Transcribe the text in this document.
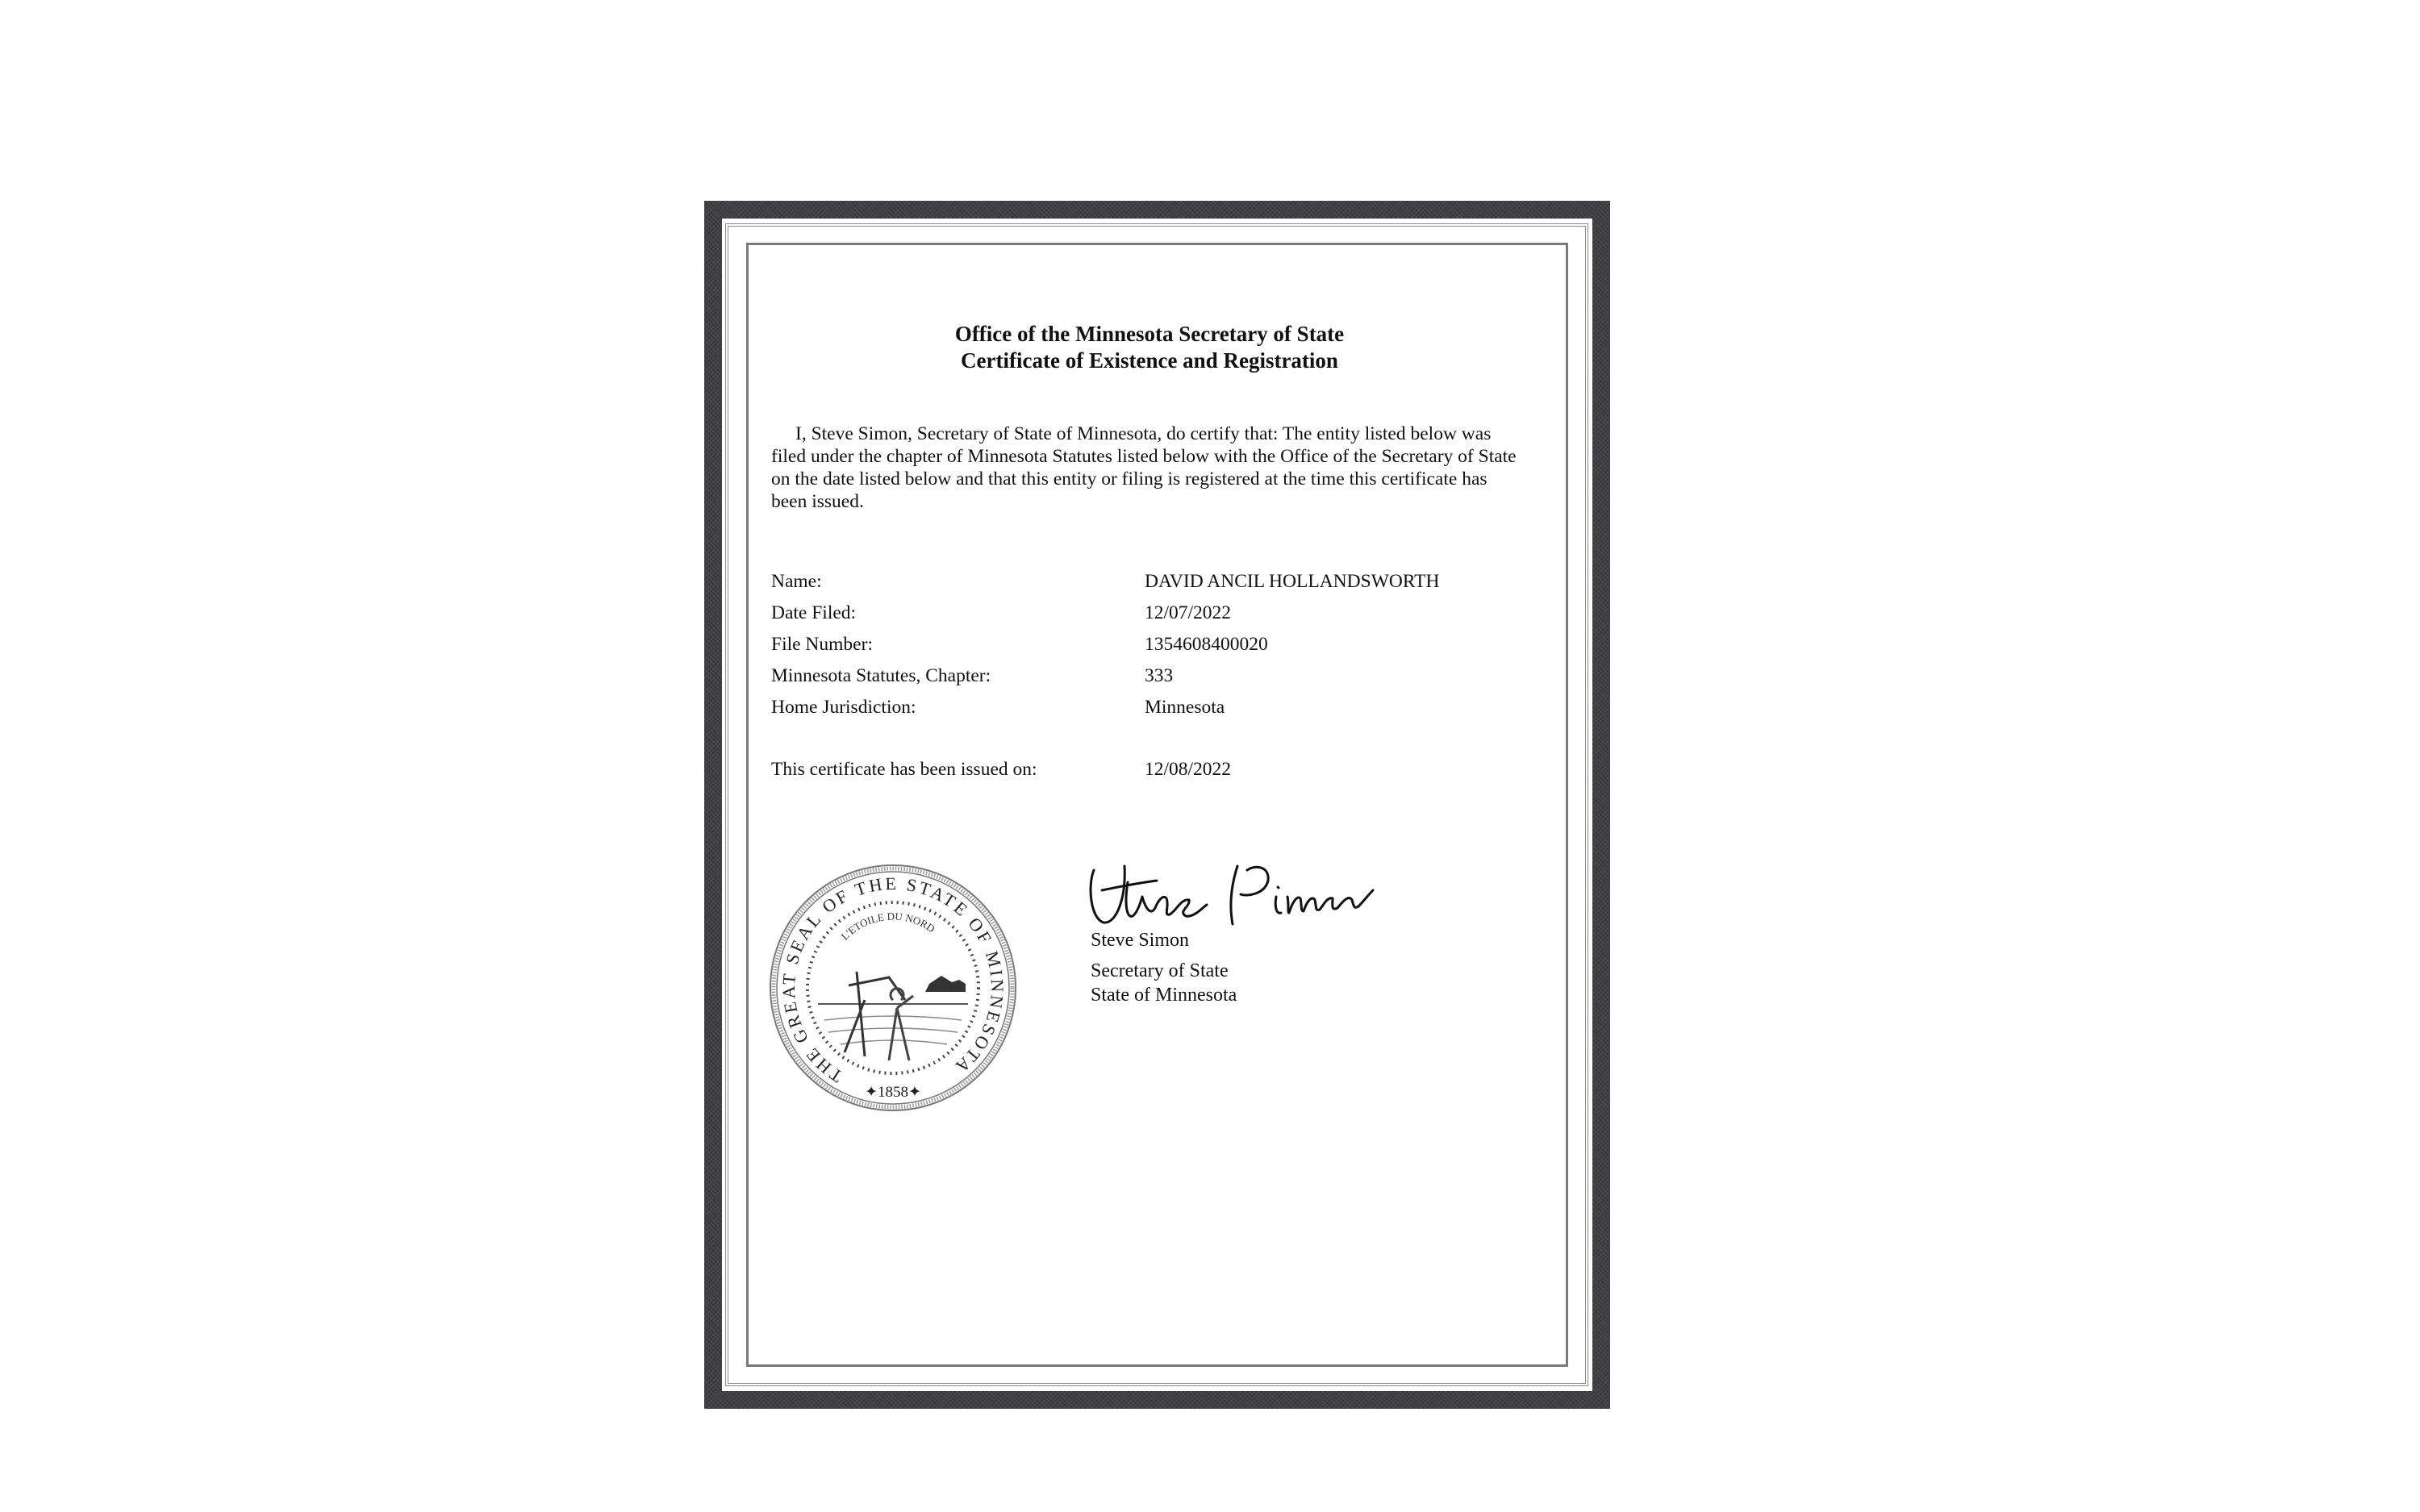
Office of the Minnesota Secretary of State
Certificate of Existence and Registration
I, Steve Simon, Secretary of State of Minnesota, do certify that: The entity listed below was filed under the chapter of Minnesota Statutes listed below with the Office of the Secretary of State on the date listed below and that this entity or filing is registered at the time this certificate has been issued.
Name:	DAVID ANCIL HOLLANDSWORTH
Date Filed:	12/07/2022
File Number:	1354608400020
Minnesota Statutes, Chapter:	333
Home Jurisdiction:	Minnesota
This certificate has been issued on:	12/08/2022
THE GREAT SEAL OF THE STATE OF MINNESOTA
L'ETOILE DU NORD
✦1858✦
Steve Simon
Secretary of State
State of Minnesota
